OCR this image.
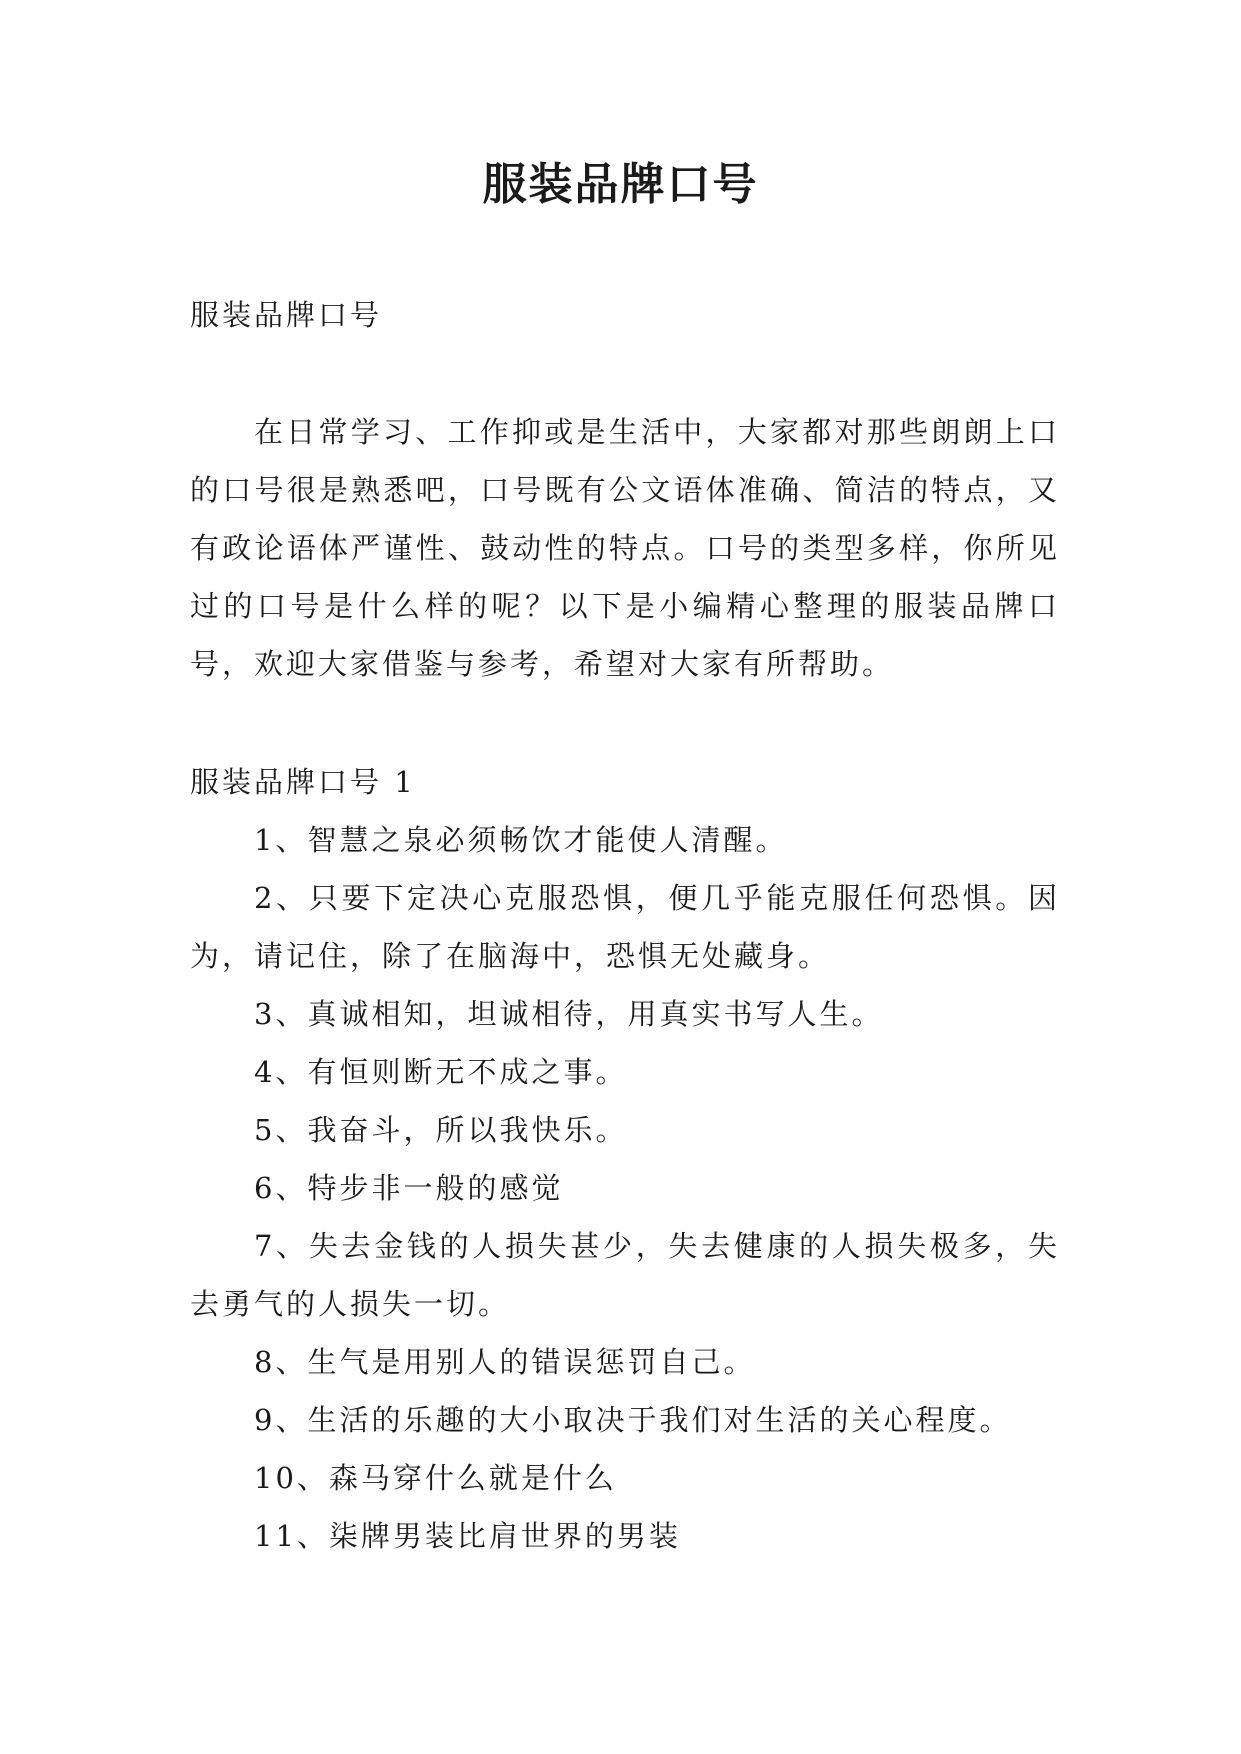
服装品牌口号

服装品牌口号

在日常学习、工作抑或是生活中，大家都对那些朗朗上口的口号很是熟悉吧，口号既有公文语体准确、简洁的特点，又有政论语体严谨性、鼓动性的特点。口号的类型多样，你所见过的口号是什么样的呢？以下是小编精心整理的服装品牌口号，欢迎大家借鉴与参考，希望对大家有所帮助。

服装品牌口号 1

1、智慧之泉必须畅饮才能使人清醒。
2、只要下定决心克服恐惧，便几乎能克服任何恐惧。因为，请记住，除了在脑海中，恐惧无处藏身。
3、真诚相知，坦诚相待，用真实书写人生。
4、有恒则断无不成之事。
5、我奋斗，所以我快乐。
6、特步非一般的感觉
7、失去金钱的人损失甚少，失去健康的人损失极多，失去勇气的人损失一切。
8、生气是用别人的错误惩罚自己。
9、生活的乐趣的大小取决于我们对生活的关心程度。
10、森马穿什么就是什么
11、柒牌男装比肩世界的男装
